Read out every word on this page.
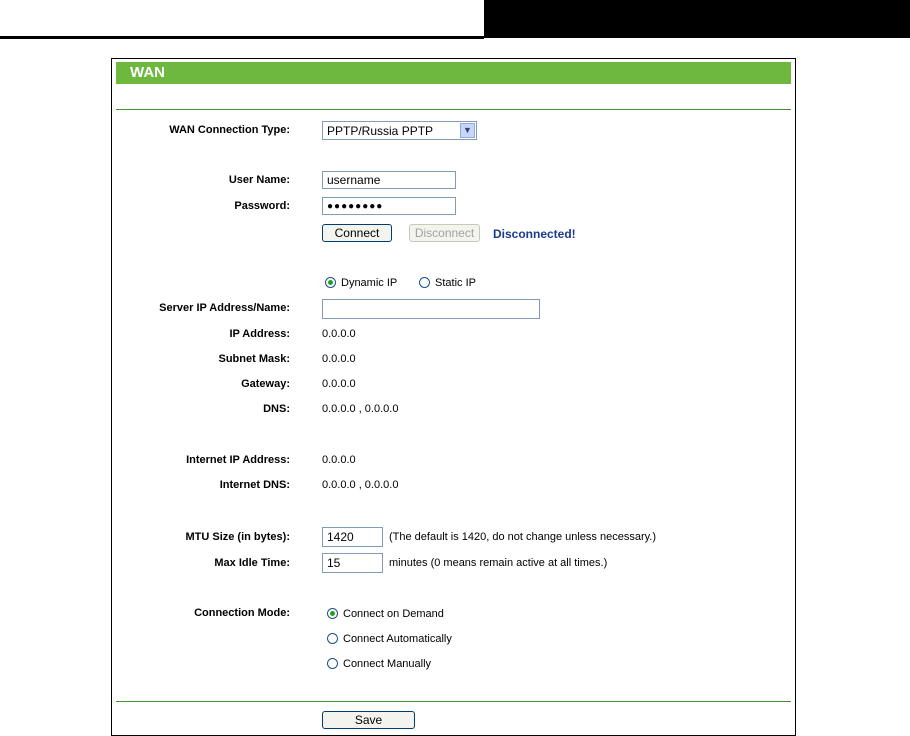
WAN
WAN Connection Type:	PPTP/Russia PPTP	▼
User Name:
username
Password:
●●●●●●●●
Connect	Disconnect	Disconnected!
Dynamic IP	Static IP
Server IP Address/Name:
IP Address:	0.0.0.0
Subnet Mask:	0.0.0.0
Gateway:	0.0.0.0
DNS:	0.0.0.0 , 0.0.0.0
Internet IP Address:	0.0.0.0
Internet DNS:	0.0.0.0 , 0.0.0.0
MTU Size (in bytes):
1420	(The default is 1420, do not change unless necessary.)
Max Idle Time:
15	minutes (0 means remain active at all times.)
Connection Mode:	Connect on Demand
Connect Automatically
Connect Manually
Save
